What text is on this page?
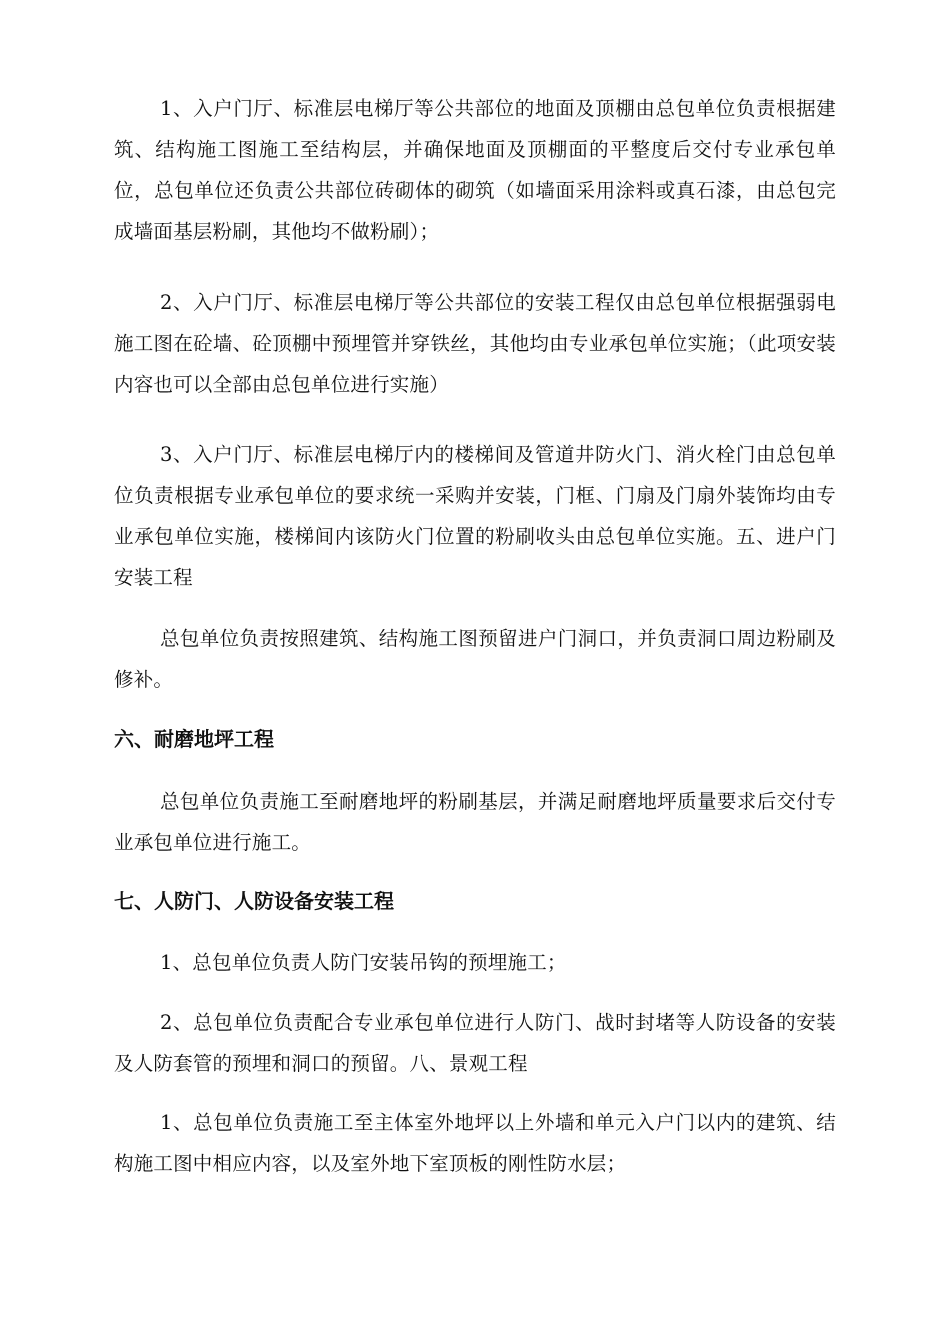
1、入户门厅、标准层电梯厅等公共部位的地面及顶棚由总包单位负责根据建筑、结构施工图施工至结构层，并确保地面及顶棚面的平整度后交付专业承包单位，总包单位还负责公共部位砖砌体的砌筑（如墙面采用涂料或真石漆，由总包完成墙面基层粉刷，其他均不做粉刷）；

2、入户门厅、标准层电梯厅等公共部位的安装工程仅由总包单位根据强弱电施工图在砼墙、砼顶棚中预埋管并穿铁丝，其他均由专业承包单位实施；（此项安装内容也可以全部由总包单位进行实施）

3、入户门厅、标准层电梯厅内的楼梯间及管道井防火门、消火栓门由总包单位负责根据专业承包单位的要求统一采购并安装，门框、门扇及门扇外装饰均由专业承包单位实施，楼梯间内该防火门位置的粉刷收头由总包单位实施。五、进户门安装工程

总包单位负责按照建筑、结构施工图预留进户门洞口，并负责洞口周边粉刷及修补。

六、耐磨地坪工程

总包单位负责施工至耐磨地坪的粉刷基层，并满足耐磨地坪质量要求后交付专业承包单位进行施工。

七、人防门、人防设备安装工程

1、总包单位负责人防门安装吊钩的预埋施工；

2、总包单位负责配合专业承包单位进行人防门、战时封堵等人防设备的安装及人防套管的预埋和洞口的预留。八、景观工程

1、总包单位负责施工至主体室外地坪以上外墙和单元入户门以内的建筑、结构施工图中相应内容，以及室外地下室顶板的刚性防水层；
